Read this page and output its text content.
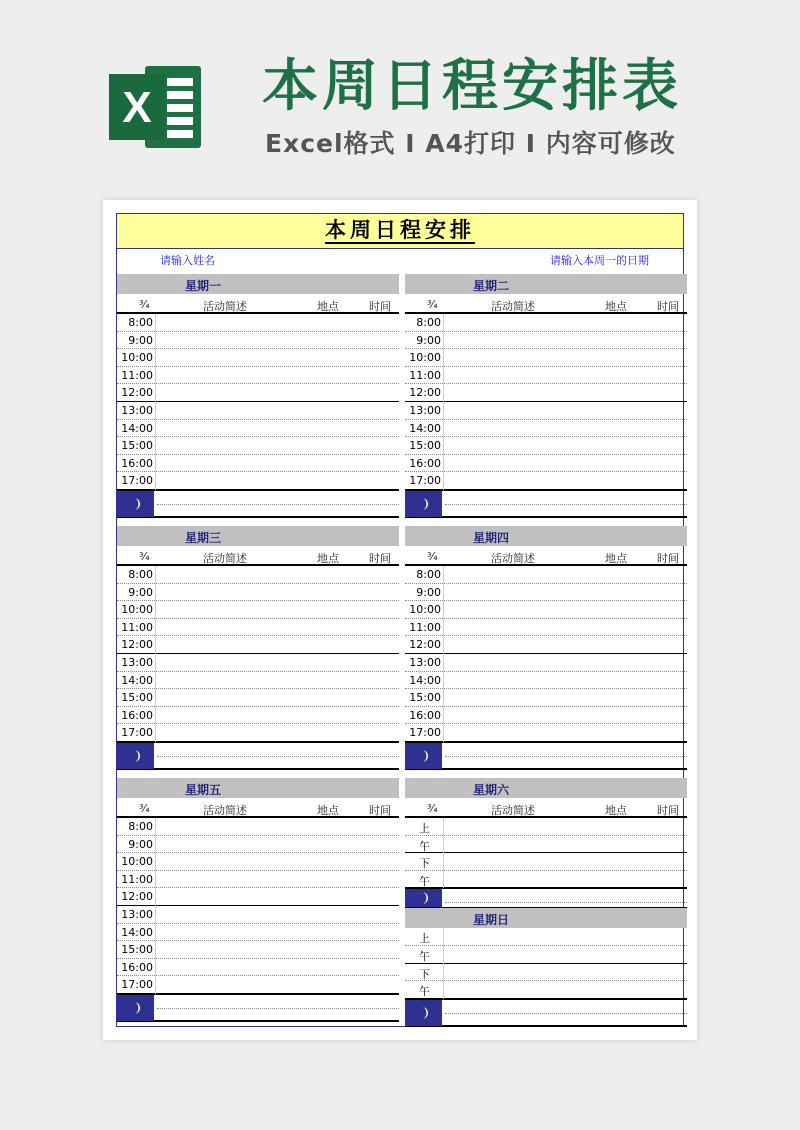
X 本周日程安排表
Excel格式 I A4打印 I 内容可修改
本周日程安排
请输入姓名	请输入本周一的日期
星期一
¾	活动简述	地点	时间
8:00
9:00
10:00
11:00
12:00
13:00
14:00
15:00
16:00
17:00
星期二
¾	活动简述	地点	时间
8:00
9:00
10:00
11:00
12:00
13:00
14:00
15:00
16:00
17:00
星期三
¾	活动简述	地点	时间
8:00
9:00
10:00
11:00
12:00
13:00
14:00
15:00
16:00
17:00
星期四
¾	活动简述	地点	时间
8:00
9:00
10:00
11:00
12:00
13:00
14:00
15:00
16:00
17:00
星期五
¾	活动简述	地点	时间
8:00
9:00
10:00
11:00
12:00
13:00
14:00
15:00
16:00
17:00
星期六
¾	活动简述	地点	时间
上
午
下
午
星期日
上
午
下
午
